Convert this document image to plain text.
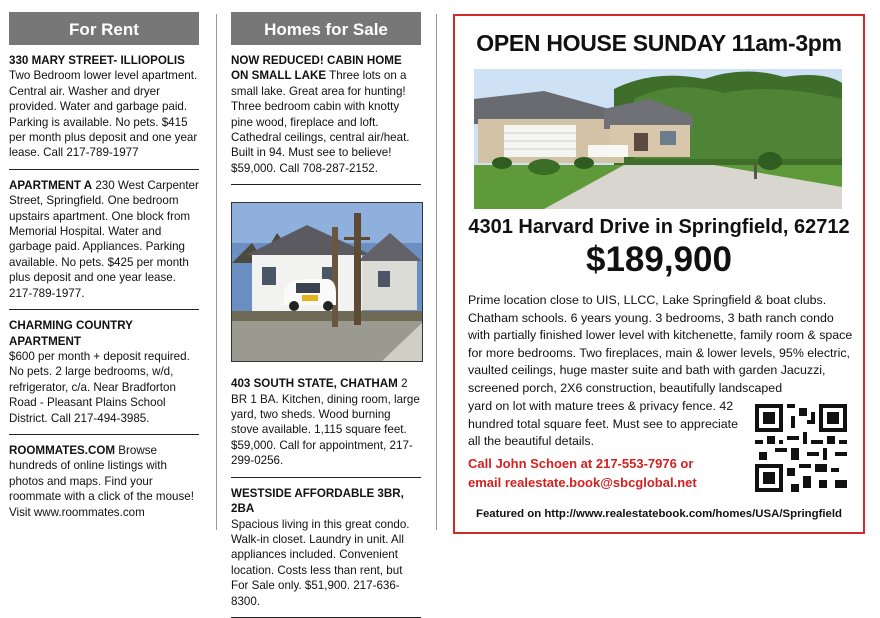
For Rent
330 MARY STREET- ILLIOPOLIS Two Bedroom lower level apartment. Central air. Washer and dryer provided. Water and garbage paid. Parking is available. No pets. $415 per month plus deposit and one year lease. Call 217-789-1977
APARTMENT A 230 West Carpenter Street, Springfield. One bedroom upstairs apartment. One block from Memorial Hospital. Water and garbage paid. Appliances. Parking available. No pets. $425 per month plus deposit and one year lease. 217-789-1977.
CHARMING COUNTRY APARTMENT
$600 per month + deposit required. No pets. 2 large bedrooms, w/d, refrigerator, c/a. Near Bradforton Road - Pleasant Plains School District. Call 217-494-3985.
ROOMMATES.COM Browse hundreds of online listings with photos and maps. Find your roommate with a click of the mouse! Visit www.roommates.com
Homes for Sale
NOW REDUCED! CABIN HOME ON SMALL LAKE Three lots on a small lake. Great area for hunting! Three bedroom cabin with knotty pine wood, fireplace and loft. Cathedral ceilings, central air/heat. Built in 94. Must see to believe! $59,000. Call 708-287-2152.
403 SOUTH STATE, CHATHAM 2 BR 1 BA. Kitchen, dining room, large yard, two sheds. Wood burning stove available. 1,115 square feet. $59,000. Call for appointment, 217-299-0256.
WESTSIDE AFFORDABLE 3BR, 2BA
Spacious living in this great condo. Walk-in closet. Laundry in unit. All appliances included. Convenient location. Costs less than rent, but For Sale only. $51,900. 217-636-8300.
OPEN HOUSE SUNDAY 11am-3pm
4301 Harvard Drive in Springfield, 62712
$189,900
Prime location close to UIS, LLCC, Lake Springfield & boat clubs. Chatham schools. 6 years young. 3 bedrooms, 3 bath ranch condo with partially finished lower level with kitchenette, family room & space for more bedrooms. Two fireplaces, main & lower levels, 95% electric, vaulted ceilings, huge master suite and bath with garden Jacuzzi, screened porch, 2X6 construction, beautifully landscaped
yard on lot with mature trees & privacy fence. 42 hundred total square feet. Must see to appreciate all the beautiful details.
Call John Schoen at 217-553-7976 or
email realestate.book@sbcglobal.net
Featured on http://www.realestatebook.com/homes/USA/Springfield
